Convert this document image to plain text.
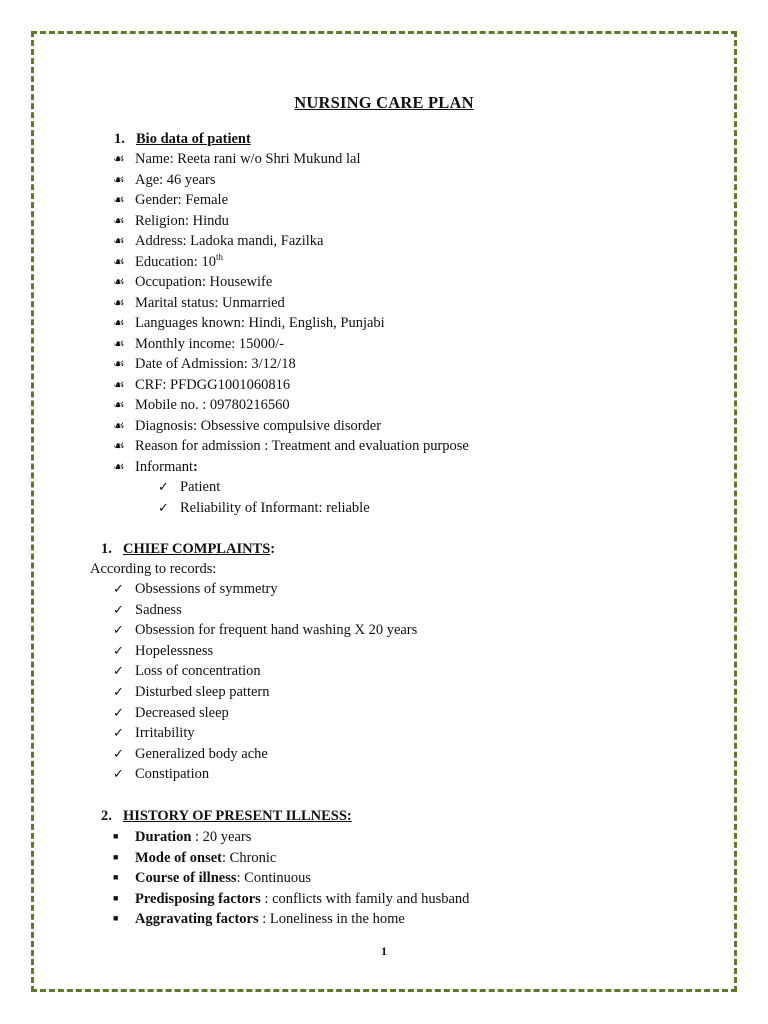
NURSING CARE PLAN
1. Bio data of patient
☙ Name: Reeta rani w/o Shri Mukund lal
☙ Age: 46 years
☙ Gender: Female
☙ Religion: Hindu
☙ Address: Ladoka mandi, Fazilka
☙ Education: 10th
☙ Occupation: Housewife
☙ Marital status: Unmarried
☙ Languages known: Hindi, English, Punjabi
☙ Monthly income: 15000/-
☙ Date of Admission: 3/12/18
☙ CRF: PFDGG1001060816
☙ Mobile no. : 09780216560
☙ Diagnosis: Obsessive compulsive disorder
☙ Reason for admission : Treatment and evaluation purpose
☙ Informant:
✓ Patient
✓ Reliability of Informant: reliable
1. CHIEF COMPLAINTS:
According to records:
✓ Obsessions of symmetry
✓ Sadness
✓ Obsession for frequent hand washing X 20 years
✓ Hopelessness
✓ Loss of concentration
✓ Disturbed sleep pattern
✓ Decreased sleep
✓ Irritability
✓ Generalized body ache
✓ Constipation
2. HISTORY OF PRESENT ILLNESS:
■ Duration : 20 years
■ Mode of onset: Chronic
■ Course of illness: Continuous
■ Predisposing factors : conflicts with family and husband
■ Aggravating factors : Loneliness in the home
1
